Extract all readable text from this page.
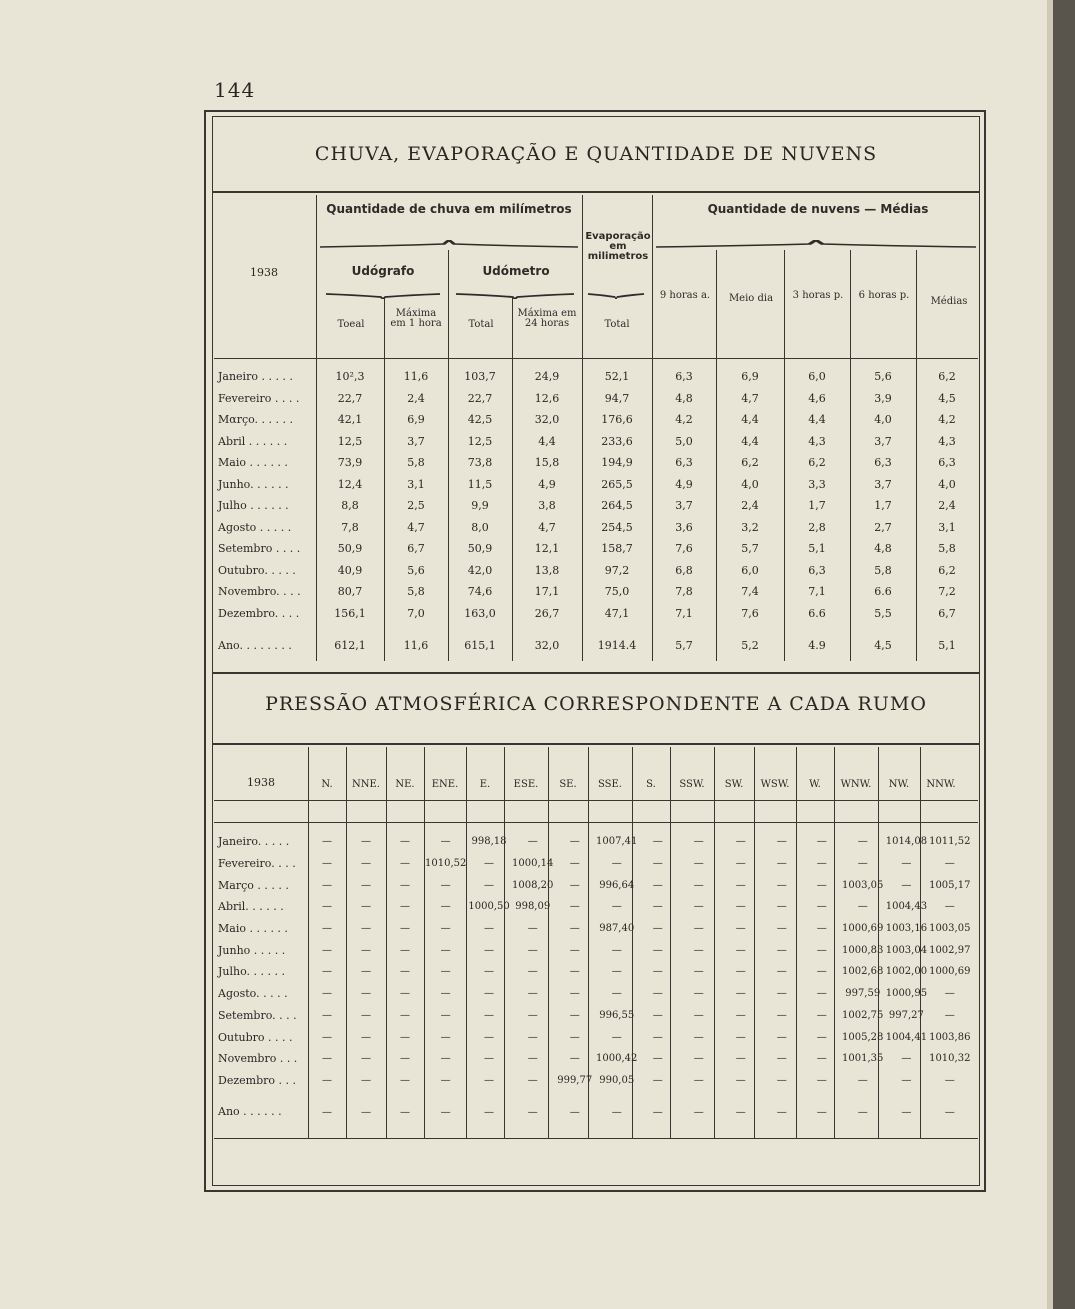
144
CHUVA, EVAPORAÇÃO E QUANTIDADE DE NUVENS
Quantidade de chuva em milímetros
Udógrafo	Udómetro
Evaporação em milimetros
Quantidade de nuvens — Médias
1938
Toeal
Máxima em 1 hora	Total
Máxima em 24 horas	Total
9 horas a.	Meio dia	3 horas p.	6 horas p.
Médias
Janeiro . . . . .	10²,3	11,6	103,7	24,9	52,1	6,3	6,9	6,0	5,6	6,2
Fevereiro . . . .	22,7	2,4	22,7	12,6	94,7	4,8	4,7	4,6	3,9	4,5
Mαrço. . . . . .	42,1	6,9	42,5	32,0	176,6	4,2	4,4	4,4	4,0	4,2
Abril . . . . . .	12,5	3,7	12,5	4,4	233,6	5,0	4,4	4,3	3,7	4,3
Maio . . . . . .	73,9	5,8	73,8	15,8	194,9	6,3	6,2	6,2	6,3	6,3
Junho. . . . . .	12,4	3,1	11,5	4,9	265,5	4,9	4,0	3,3	3,7	4,0
Julho . . . . . .	8,8	2,5	9,9	3,8	264,5	3,7	2,4	1,7	1,7	2,4
Agosto . . . . .	7,8	4,7	8,0	4,7	254,5	3,6	3,2	2,8	2,7	3,1
Setembro . . . .	50,9	6,7	50,9	12,1	158,7	7,6	5,7	5,1	4,8	5,8
Outubro. . . . .	40,9	5,6	42,0	13,8	97,2	6,8	6,0	6,3	5,8	6,2
Novembro. . . .	80,7	5,8	74,6	17,1	75,0	7,8	7,4	7,1	6.6	7,2
Dezembro. . . .	156,1	7,0	163,0	26,7	47,1	7,1	7,6	6.6	5,5	6,7
Ano. . . . . . . .	612,1	11,6	615,1	32,0	1914.4	5,7	5,2	4.9	4,5	5,1
PRESSÃO ATMOSFÉRICA CORRESPONDENTE A CADA RUMO
1938	N.	NNE.	NE.	ENE.	E.	ESE.	SE.	SSE.	S.	SSW.	SW.	WSW.	W.	WNW.	NW.	NNW.
Janeiro. . . . .	—	—	—	—	998,18	—	—	1007,41	—	—	—	—	—	—	1014,08	1011,52
Fevereiro. . . .	—	—	—	1010,52	—	1000,14	—	—	—	—	—	—	—	—	—	—
Março . . . . .	—	—	—	—	—	1008,20	—	996,64	—	—	—	—	—	1003,05	—	1005,17
Abril. . . . . .	—	—	—	—	1000,50	998,09	—	—	—	—	—	—	—	—	1004,43	—
Maio . . . . . .	—	—	—	—	—	—	—	987,40	—	—	—	—	—	1000,69	1003,16	1003,05
Junho . . . . .	—	—	—	—	—	—	—	—	—	—	—	—	—	1000,83	1003,04	1002,97
Julho. . . . . .	—	—	—	—	—	—	—	—	—	—	—	—	—	1002,68	1002,00	1000,69
Agosto. . . . .	—	—	—	—	—	—	—	—	—	—	—	—	—	997,59	1000,95	—
Setembro. . . .	—	—	—	—	—	—	—	996,55	—	—	—	—	—	1002,75	997,27	—
Outubro . . . .	—	—	—	—	—	—	—	—	—	—	—	—	—	1005,28	1004,41	1003,86
Novembro . . .	—	—	—	—	—	—	—	1000,42	—	—	—	—	—	1001,35	—	1010,32
Dezembro . . .	—	—	—	—	—	—	999,77	990,05	—	—	—	—	—	—	—	—
Ano . . . . . .	—	—	—	—	—	—	—	—	—	—	—	—	—	—	—	—
